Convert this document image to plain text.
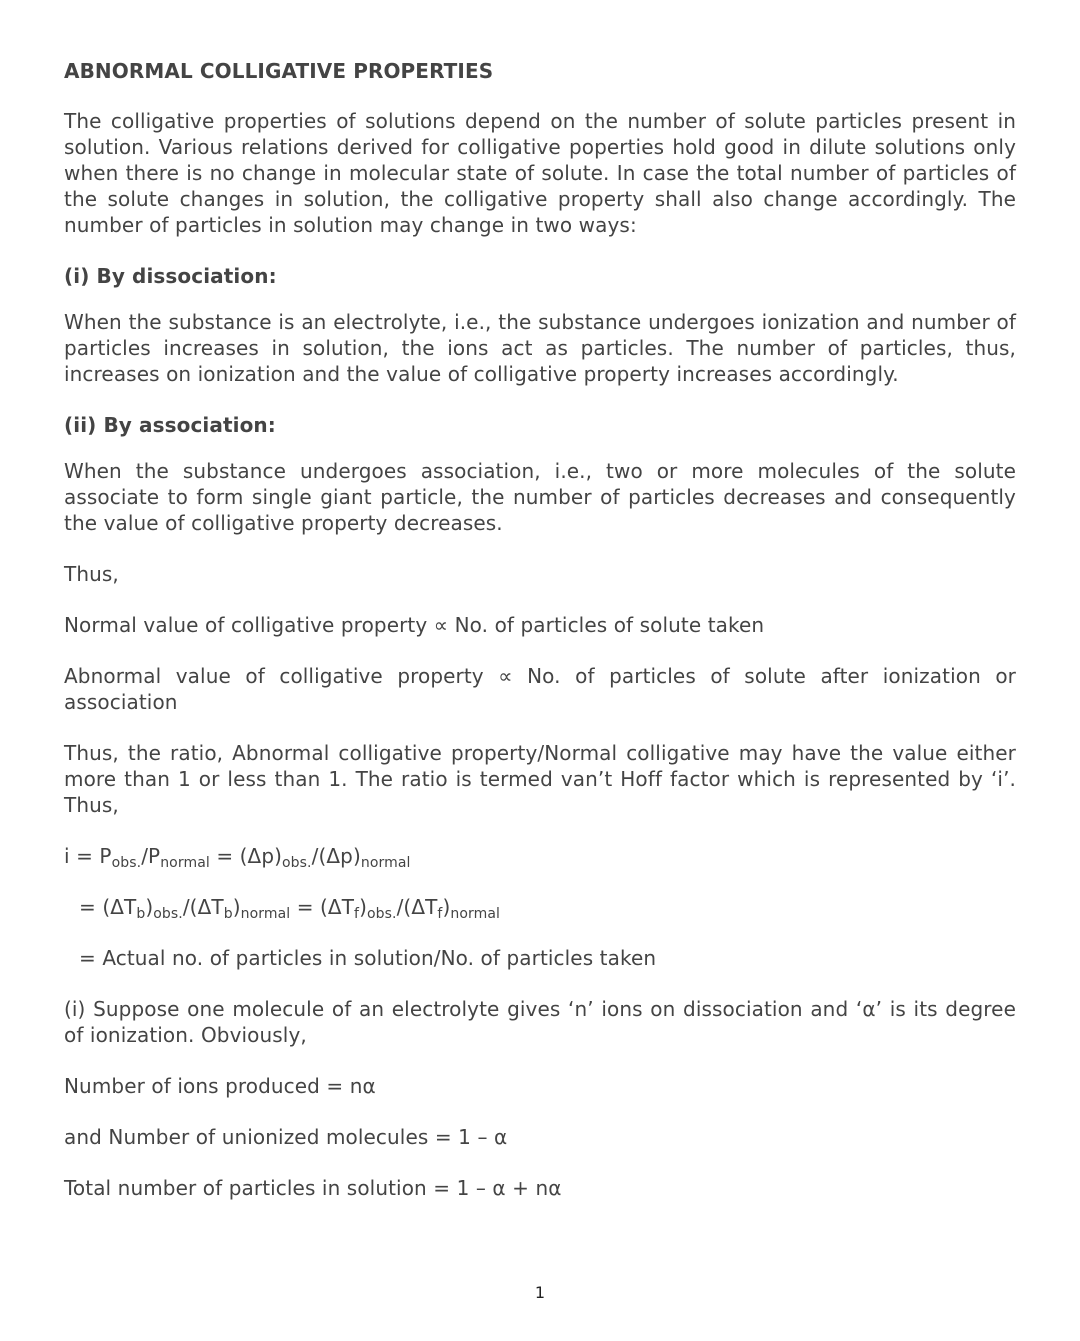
ABNORMAL COLLIGATIVE PROPERTIES

The colligative properties of solutions depend on the number of solute particles present in solution. Various relations derived for colligative poperties hold good in dilute solutions only when there is no change in molecular state of solute. In case the total number of particles of the solute changes in solution, the colligative property shall also change accordingly. The number of particles in solution may change in two ways:

(i) By dissociation:

When the substance is an electrolyte, i.e., the substance undergoes ionization and number of particles increases in solution, the ions act as particles. The number of particles, thus, increases on ionization and the value of colligative property increases accordingly.

(ii) By association:

When the substance undergoes association, i.e., two or more molecules of the solute associate to form single giant particle, the number of particles decreases and consequently the value of colligative property decreases.

Thus,

Normal value of colligative property ∝ No. of particles of solute taken

Abnormal value of colligative property ∝ No. of particles of solute after ionization or association

Thus, the ratio, Abnormal colligative property/Normal colligative may have the value either more than 1 or less than 1. The ratio is termed van’t Hoff factor which is represented by ‘i’. Thus,

$i = P_{obs.}/P_{normal} = (\Delta p)_{obs.}/(\Delta p)_{normal}$
= $(\Delta T_b)_{obs.}/(\Delta T_b)_{normal} = (\Delta T_f)_{obs.}/(\Delta T_f)_{normal}$
= Actual no. of particles in solution/No. of particles taken

(i) Suppose one molecule of an electrolyte gives ‘n’ ions on dissociation and ‘α’ is its degree of ionization. Obviously,

Number of ions produced = nα

and Number of unionized molecules = 1 – α

Total number of particles in solution = 1 – α + nα

1
